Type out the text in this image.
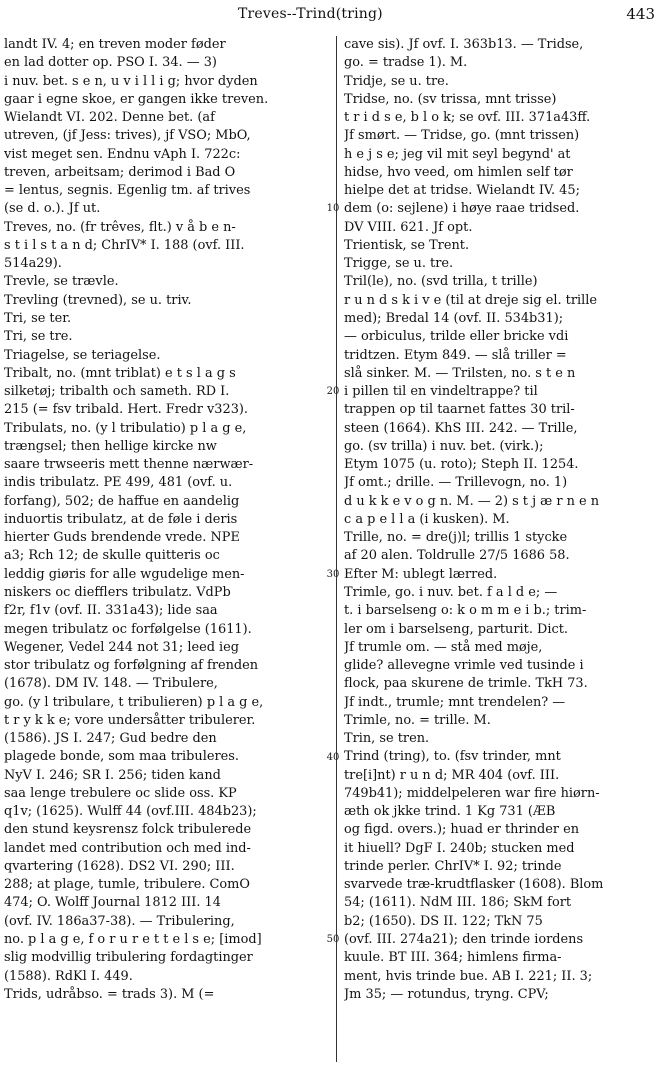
Treves--Trind(tring)	443
landt IV. 4; en treven moder føder
en lad dotter op. PSO I. 34. — 3)
i nuv. bet. s e n, u v i l l i g; hvor dyden
gaar i egne skoe, er gangen ikke treven.
Wielandt VI. 202. Denne bet. (af
utreven, (jf Jess: trives), jf VSO; MbO,
vist meget sen. Endnu vAph I. 722c:
treven, arbeitsam; derimod i Bad O
= lentus, segnis. Egenlig tm. af trives
(se d. o.). Jf ut.
Treves, no. (fr trêves, flt.) v å b e n-
s t i l s t a n d; ChrIV* I. 188 (ovf. III.
514a29).
Trevle, se trævle.
Trevling (trevned), se u. triv.
Tri, se ter.
Tri, se tre.
Triagelse, se teriagelse.
Tribalt, no. (mnt triblat) e t s l a g s
silketøj; tribalth och sameth. RD I.
215 (= fsv tribald. Hert. Fredr v323).
Tribulats, no. (y l tribulatio) p l a g e,
trængsel; then hellige kircke nw
saare trwseeris mett thenne nærwær-
indis tribulatz. PE 499, 481 (ovf. u.
forfang), 502; de haffue en aandelig
induortis tribulatz, at de føle i deris
hierter Guds brendende vrede. NPE
a3; Rch 12; de skulle quitteris oc
leddig giøris for alle wgudelige men-
niskers oc diefflers tribulatz. VdPb
f2r, f1v (ovf. II. 331a43); lide saa
megen tribulatz oc forfølgelse (1611).
Wegener, Vedel 244 not 31; leed ieg
stor tribulatz og forfølgning af frenden
(1678). DM IV. 148. — Tribulere,
go. (y l tribulare, t tribulieren) p l a g e,
t r y k k e; vore undersåtter tribulerer.
(1586). JS I. 247; Gud bedre den
plagede bonde, som maa tribuleres.
NyV I. 246; SR I. 256; tiden kand
saa lenge trebulere oc slide oss. KP
q1v; (1625). Wulff 44 (ovf.III. 484b23);
den stund keysrensz folck tribulerede
landet med contribution och med ind-
qvartering (1628). DS2 VI. 290; III.
288; at plage, tumle, tribulere. ComO
474; O. Wolff Journal 1812 III. 14
(ovf. IV. 186a37-38). — Tribulering,
no. p l a g e, f o r u r e t t e l s e; [imod]
slig modvillig tribulering fordagtinger
(1588). RdKl I. 449.
Trids, udråbso. = trads 3). M (=
10
20
30
40
50
cave sis). Jf ovf. I. 363b13. — Tridse,
go. = tradse 1). M.
Tridje, se u. tre.
Tridse, no. (sv trissa, mnt trisse)
t r i d s e, b l o k; se ovf. III. 371a43ff.
Jf smørt. — Tridse, go. (mnt trissen)
h e j s e; jeg vil mit seyl begynd' at
hidse, hvo veed, om himlen self tør
hielpe det at tridse. Wielandt IV. 45;
dem (o: sejlene) i høye raae tridsed.
DV VIII. 621. Jf opt.
Trientisk, se Trent.
Trigge, se u. tre.
Tril(le), no. (svd trilla, t trille)
r u n d s k i v e (til at dreje sig el. trille
med); Bredal 14 (ovf. II. 534b31);
— orbiculus, trilde eller bricke vdi
tridtzen. Etym 849. — slå triller =
slå sinker. M. — Trilsten, no. s t e n
i pillen til en vindeltrappe? til
trappen op til taarnet fattes 30 tril-
steen (1664). KhS III. 242. — Trille,
go. (sv trilla) i nuv. bet. (virk.);
Etym 1075 (u. roto); Steph II. 1254.
Jf omt.; drille. — Trillevogn, no. 1)
d u k k e v o g n. M. — 2) s t j æ r n e n
c a p e l l a (i kusken). M.
Trille, no. = dre(j)l; trillis 1 stycke
af 20 alen. Toldrulle 27/5 1686 58.
Efter M: ublegt lærred.
Trimle, go. i nuv. bet. f a l d e; —
t. i barselseng o: k o m m e i b.; trim-
ler om i barselseng, parturit. Dict.
Jf trumle om. — stå med møje,
glide? allevegne vrimle ved tusinde i
flock, paa skurene de trimle. TkH 73.
Jf indt., trumle; mnt trendelen? —
Trimle, no. = trille. M.
Trin, se tren.
Trind (tring), to. (fsv trinder, mnt
tre[i]nt) r u n d; MR 404 (ovf. III.
749b41); middelpeleren war fire hiørn-
æth ok jkke trind. 1 Kg 731 (ÆB
og figd. overs.); huad er thrinder en
it hiuell? DgF I. 240b; stucken med
trinde perler. ChrIV* I. 92; trinde
svarvede træ-krudtflasker (1608). Blom
54; (1611). NdM III. 186; SkM fort
b2; (1650). DS II. 122; TkN 75
(ovf. III. 274a21); den trinde iordens
kuule. BT III. 364; himlens firma-
ment, hvis trinde bue. AB I. 221; II. 3;
Jm 35; — rotundus, tryng. CPV;
